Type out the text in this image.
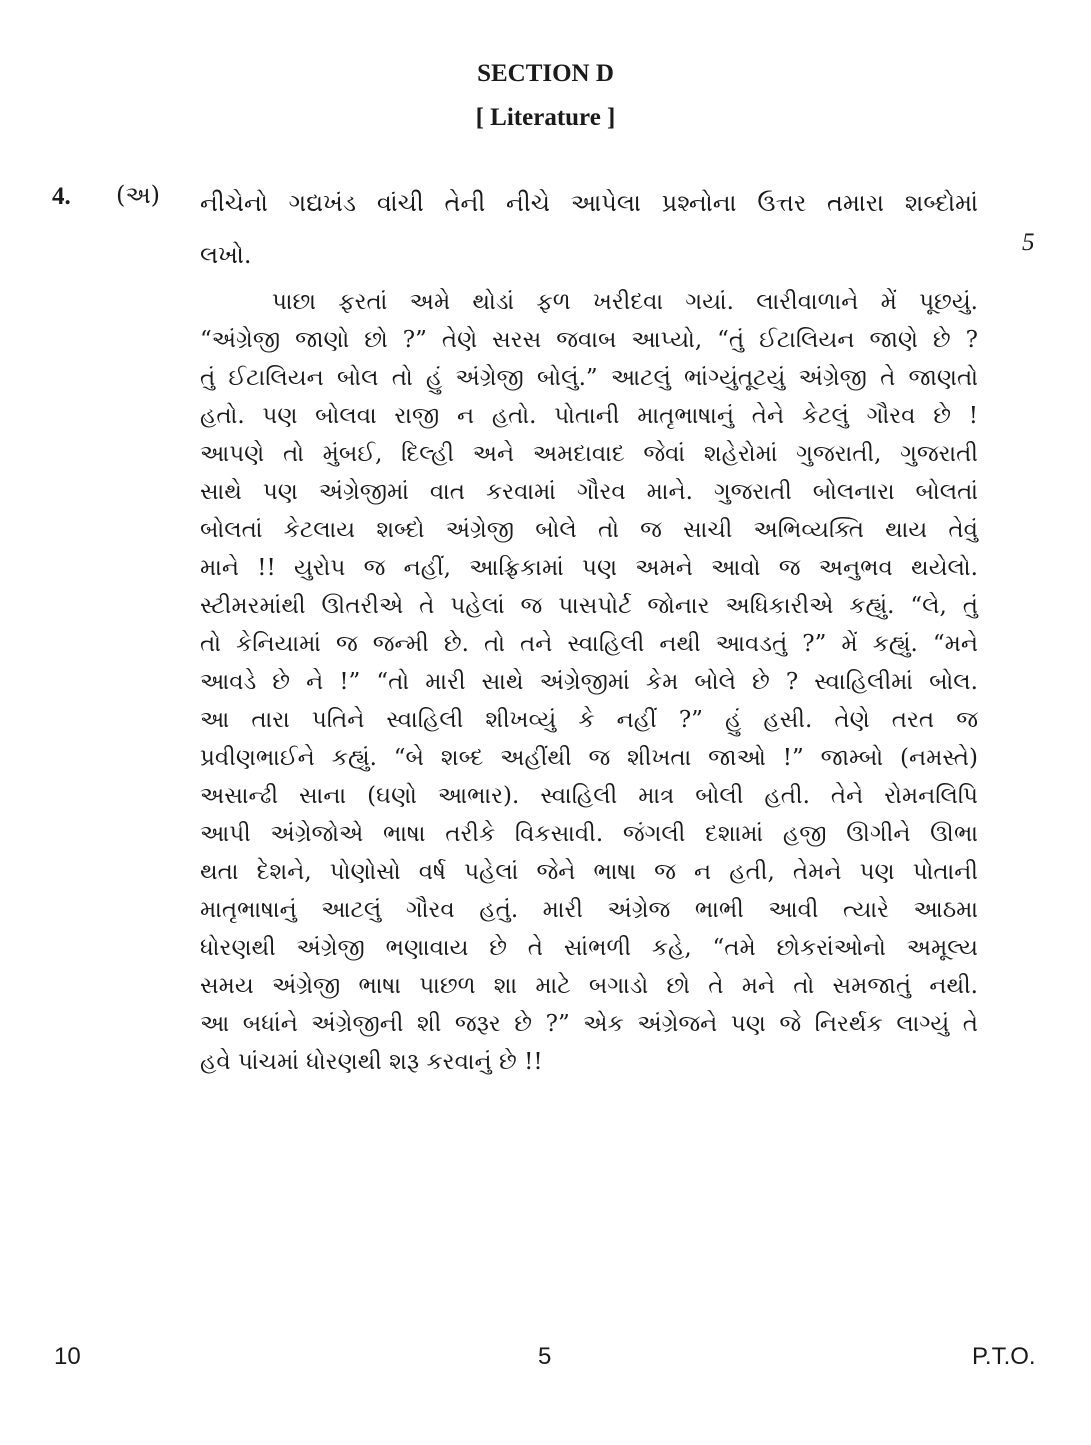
SECTION D
[ Literature ]
4. (અ) નીચેનો ગદ્યખંડ વાંચી તેની નીચે આપેલા પ્રશ્નોના ઉત્તર તમારા શબ્દોમાં
લખો.	5
પાછા ફરતાં અમે થોડાં ફળ ખરીદવા ગયાં. લારીવાળાને મેં પૂછયું.
“અંગ્રેજી જાણો છો ?” તેણે સરસ જવાબ આપ્યો, “તું ઈટાલિયન જાણે છે ?
તું ઈટાલિયન બોલ તો હું અંગ્રેજી બોલું.” આટલું ભાંગ્યુંતૂટયું અંગ્રેજી તે જાણતો
હતો. પણ બોલવા રાજી ન હતો. પોતાની માતૃભાષાનું તેને કેટલું ગૌરવ છે !
આપણે તો મુંબઈ, દિલ્હી અને અમદાવાદ જેવાં શહેરોમાં ગુજરાતી, ગુજરાતી
સાથે પણ અંગ્રેજીમાં વાત કરવામાં ગૌરવ માને. ગુજરાતી બોલનારા બોલતાં
બોલતાં કેટલાય શબ્દો અંગ્રેજી બોલે તો જ સાચી અભિવ્યક્તિ થાય તેવું
માને !! યુરોપ જ નહીં, આફ્રિકામાં પણ અમને આવો જ અનુભવ થયેલો.
સ્ટીમરમાંથી ઊતરીએ તે પહેલાં જ પાસપોર્ટ જોનાર અધિકારીએ કહ્યું. “લે, તું
તો કેનિયામાં જ જન્મી છે. તો તને સ્વાહિલી નથી આવડતું ?” મેં કહ્યું. “મને
આવડે છે ને !” “તો મારી સાથે અંગ્રેજીમાં કેમ બોલે છે ? સ્વાહિલીમાં બોલ.
આ તારા પતિને સ્વાહિલી શીખવ્યું કે નહીં ?” હું હસી. તેણે તરત જ
પ્રવીણભાઈને કહ્યું. “બે શબ્દ અહીંથી જ શીખતા જાઓ !” જામ્બો (નમસ્તે)
અસાન્ઢી સાના (ઘણો આભાર). સ્વાહિલી માત્ર બોલી હતી. તેને રોમનલિપિ
આપી અંગ્રેજોએ ભાષા તરીકે વિકસાવી. જંગલી દશામાં હજી ઊગીને ઊભા
થતા દેશને, પોણોસો વર્ષ પહેલાં જેને ભાષા જ ન હતી, તેમને પણ પોતાની
માતૃભાષાનું આટલું ગૌરવ હતું. મારી અંગ્રેજ ભાભી આવી ત્યારે આઠમા
ધોરણથી અંગ્રેજી ભણાવાય છે તે સાંભળી કહે, “તમે છોકરાંઓનો અમૂલ્ય
સમય અંગ્રેજી ભાષા પાછળ શા માટે બગાડો છો તે મને તો સમજાતું નથી.
આ બધાંને અંગ્રેજીની શી જરૂર છે ?” એક અંગ્રેજને પણ જે નિરર્થક લાગ્યું તે
હવે પાંચમાં ધોરણથી શરૂ કરવાનું છે !!
10	5	P.T.O.
